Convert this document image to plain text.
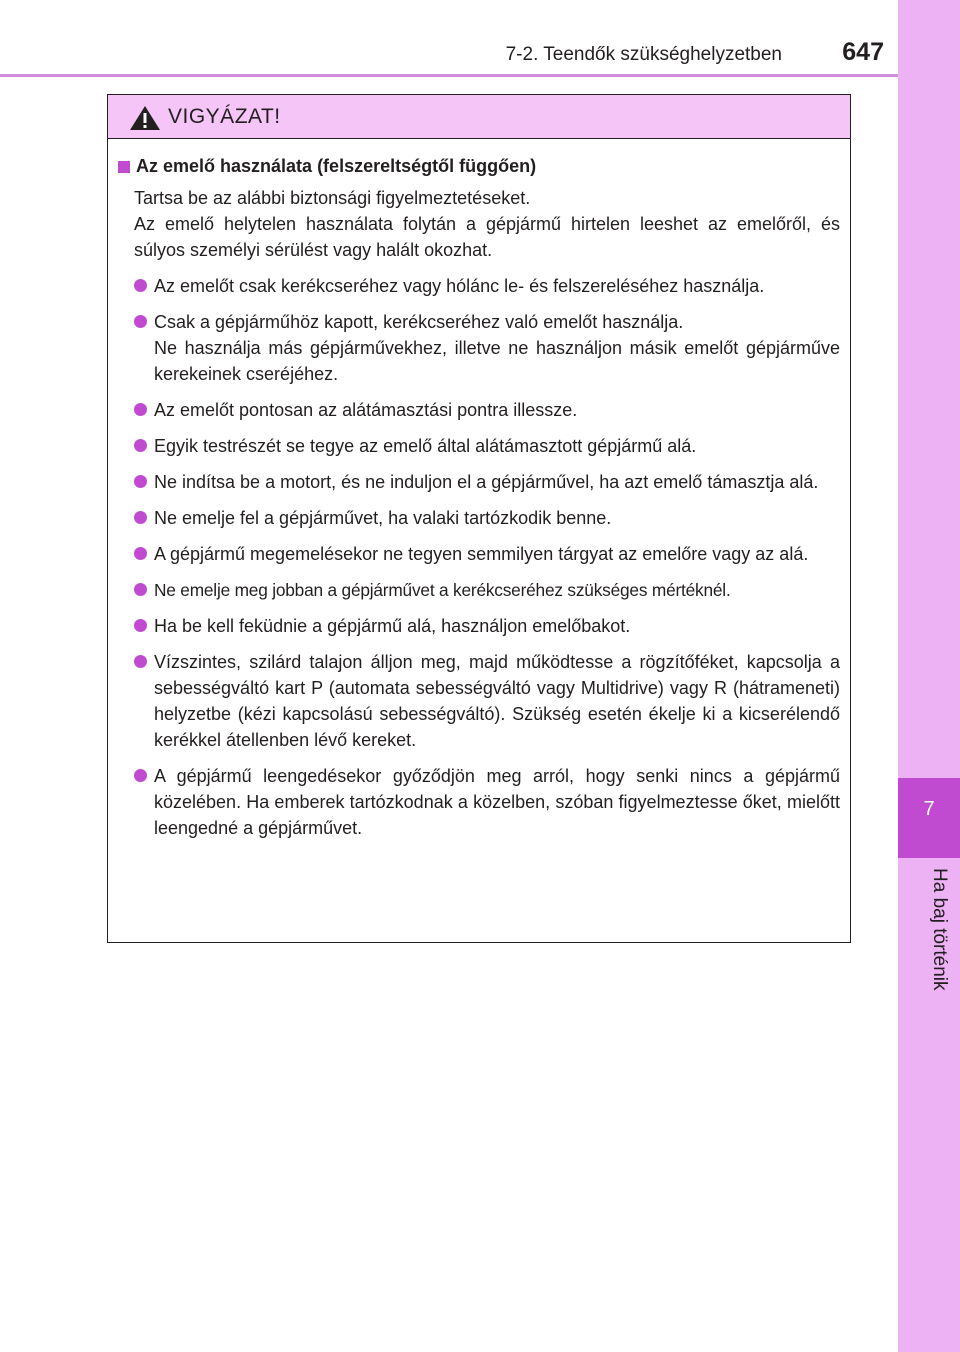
7-2. Teendők szükséghelyzetben	647
7
Ha baj történik
VIGYÁZAT!
Az emelő használata (felszereltségtől függően)

Tartsa be az alábbi biztonsági figyelmeztetéseket.

Az emelő helytelen használata folytán a gépjármű hirtelen leeshet az emelőről, és súlyos személyi sérülést vagy halált okozhat.

Az emelőt csak kerékcseréhez vagy hólánc le- és felszereléséhez használja.

Csak a gépjárműhöz kapott, kerékcseréhez való emelőt használja.

Ne használja más gépjárművekhez, illetve ne használjon másik emelőt gépjárműve kerekeinek cseréjéhez.

Az emelőt pontosan az alátámasztási pontra illessze.
Egyik testrészét se tegye az emelő által alátámasztott gépjármű alá.
Ne indítsa be a motort, és ne induljon el a gépjárművel, ha azt emelő támasztja alá.
Ne emelje fel a gépjárművet, ha valaki tartózkodik benne.
A gépjármű megemelésekor ne tegyen semmilyen tárgyat az emelőre vagy az alá.
Ne emelje meg jobban a gépjárművet a kerékcseréhez szükséges mértéknél.
Ha be kell feküdnie a gépjármű alá, használjon emelőbakot.
Vízszintes, szilárd talajon álljon meg, majd működtesse a rögzítőféket, kapcsolja a sebességváltó kart P (automata sebességváltó vagy Multidrive) vagy R (hátrameneti) helyzetbe (kézi kapcsolású sebességváltó). Szükség esetén ékelje ki a kicserélendő kerékkel átellenben lévő kereket.
A gépjármű leengedésekor győződjön meg arról, hogy senki nincs a gépjármű közelében. Ha emberek tartózkodnak a közelben, szóban figyelmeztesse őket, mielőtt leengedné a gépjárművet.
